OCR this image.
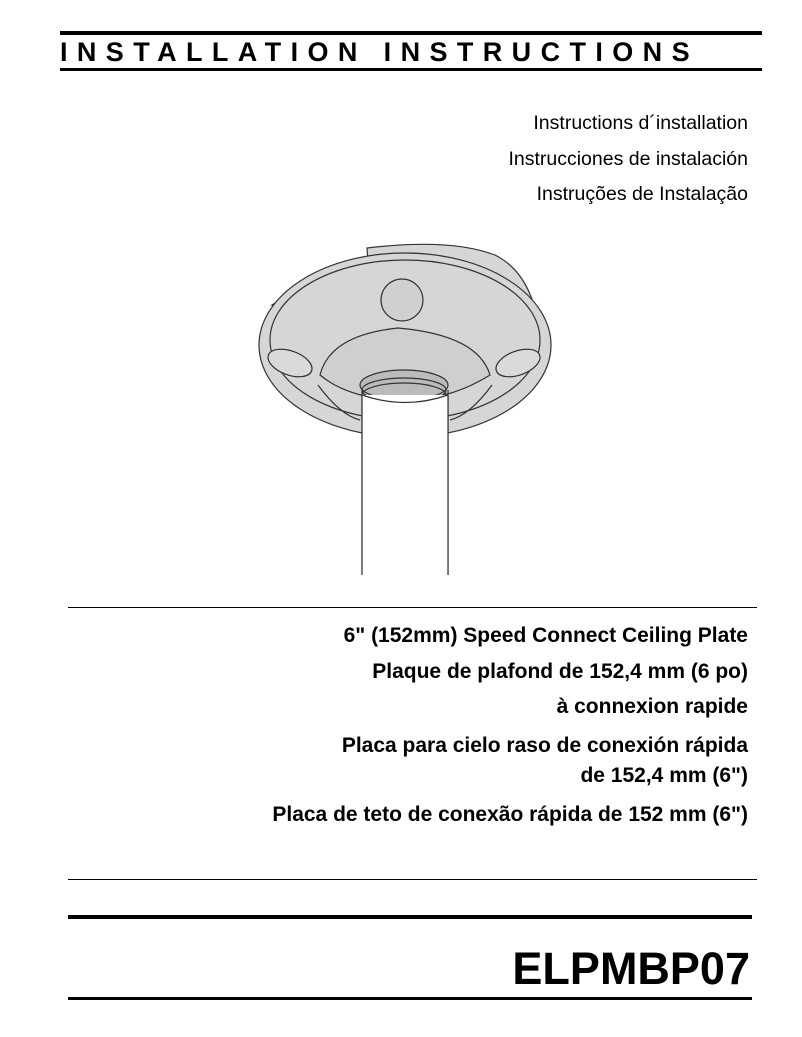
INSTALLATION INSTRUCTIONS
Instructions d´installation
Instrucciones de instalación
Instruções de Instalação
6" (152mm) Speed Connect Ceiling Plate
Plaque de plafond de 152,4 mm (6 po)
à connexion rapide
Placa para cielo raso de conexión rápida
de 152,4 mm (6")
Placa de teto de conexão rápida de 152 mm (6")
ELPMBP07
